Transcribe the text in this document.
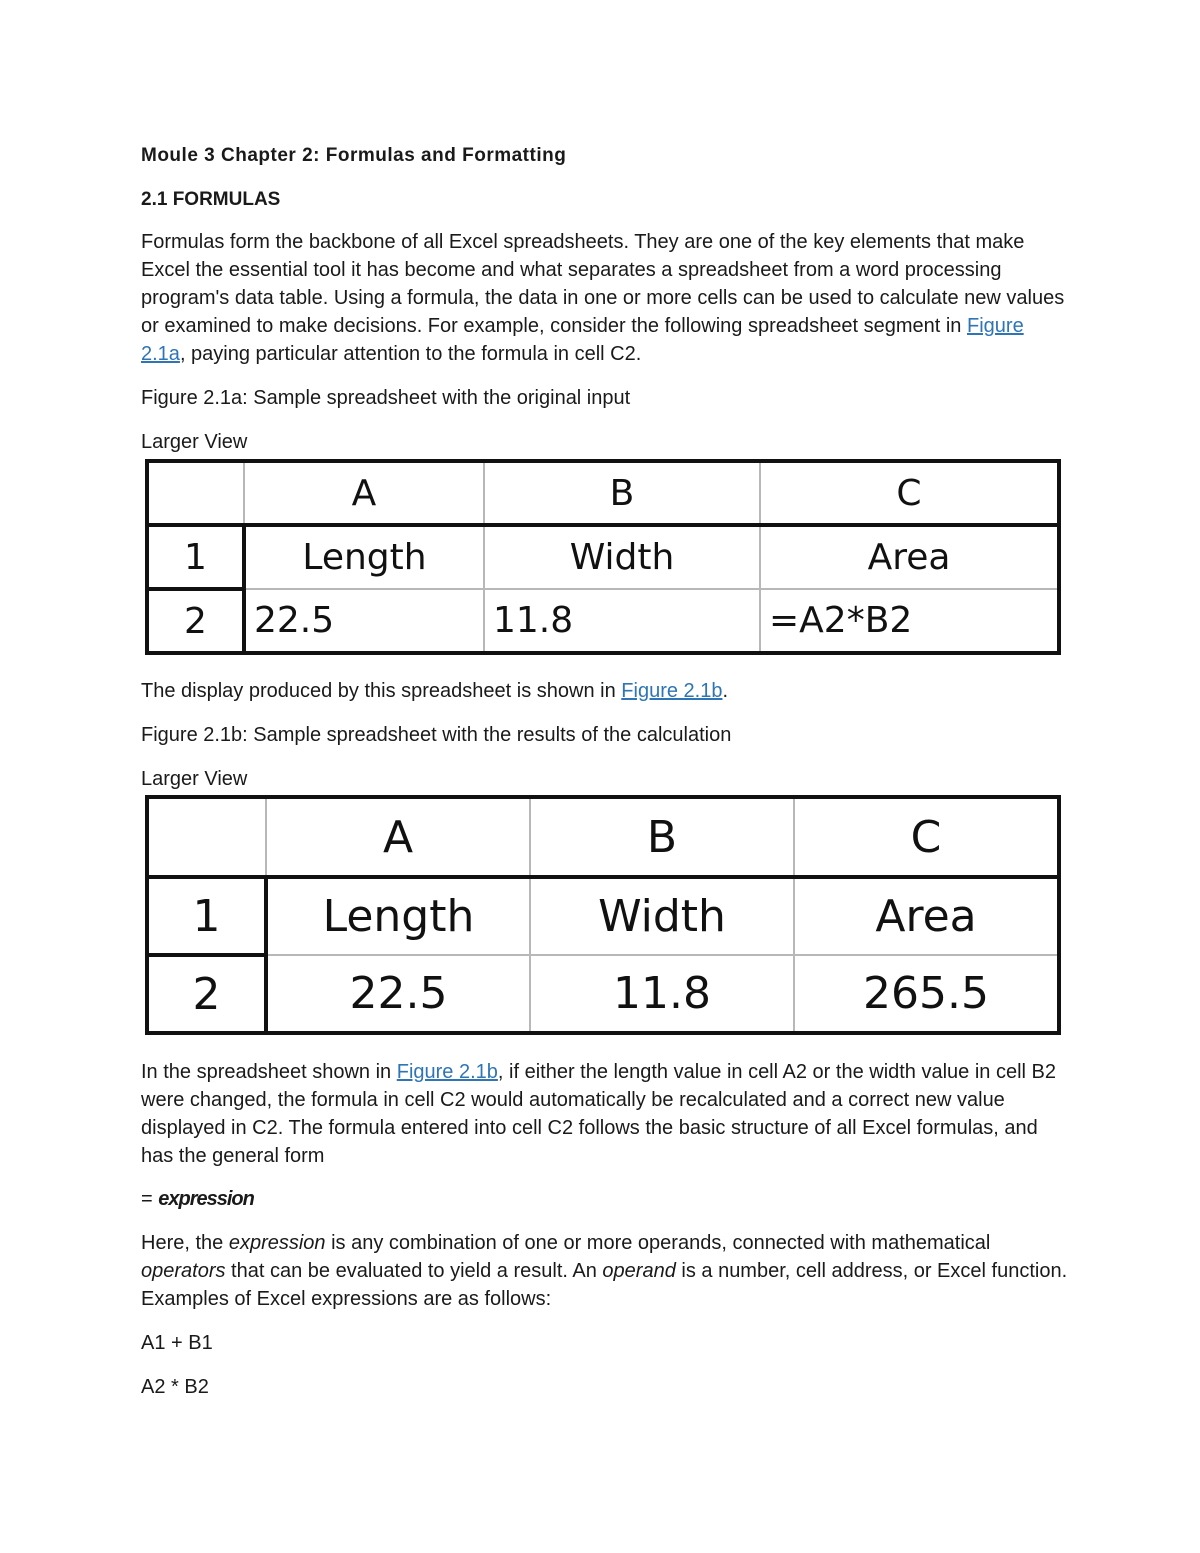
Moule 3 Chapter 2: Formulas and Formatting

2.1 FORMULAS

Formulas form the backbone of all Excel spreadsheets. They are one of the key elements that make Excel the essential tool it has become and what separates a spreadsheet from a word processing program's data table. Using a formula, the data in one or more cells can be used to calculate new values or examined to make decisions. For example, consider the following spreadsheet segment in Figure 2.1a, paying particular attention to the formula in cell C2.

Figure 2.1a: Sample spreadsheet with the original input

Larger View

	A	B	C
1	Length	Width	Area
2	22.5	11.8	=A2*B2

The display produced by this spreadsheet is shown in Figure 2.1b.

Figure 2.1b: Sample spreadsheet with the results of the calculation

Larger View

	A	B	C
1	Length	Width	Area
2	22.5	11.8	265.5

In the spreadsheet shown in Figure 2.1b, if either the length value in cell A2 or the width value in cell B2 were changed, the formula in cell C2 would automatically be recalculated and a correct new value displayed in C2. The formula entered into cell C2 follows the basic structure of all Excel formulas, and has the general form

= expression

Here, the expression is any combination of one or more operands, connected with mathematical operators that can be evaluated to yield a result. An operand is a number, cell address, or Excel function. Examples of Excel expressions are as follows:

A1 + B1

A2 * B2
